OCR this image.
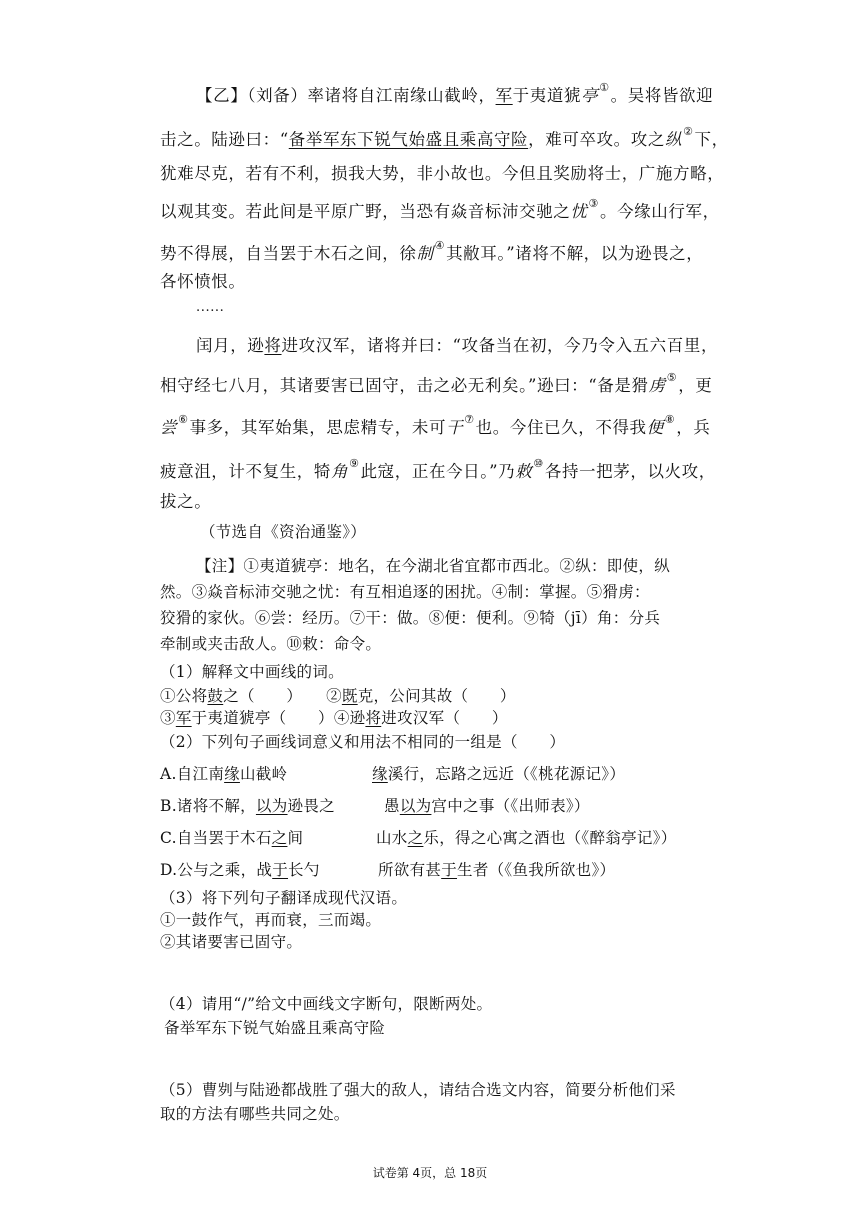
【乙】（刘备）率诸将自江南缘山截岭，军于夷道猇亭①。吴将皆欲迎
击之。陆逊曰：“备举军东下锐气始盛且乘高守险，难可卒攻。攻之纵②下，
犹难尽克，若有不利，损我大势，非小故也。今但且奖励将士，广施方略，
以观其变。若此间是平原广野，当恐有焱音标沛交驰之忧③。今缘山行军，
势不得展，自当罢于木石之间，徐制④其敝耳。”诸将不解，以为逊畏之，
各怀愤恨。
......
闰月，逊将进攻汉军，诸将并曰：“攻备当在初，今乃令入五六百里，
相守经七八月，其诸要害已固守，击之必无利矣。”逊曰：“备是猾虏⑤，更
尝⑥事多，其军始集，思虑精专，未可干⑦也。今住已久，不得我便⑧，兵
疲意沮，计不复生，犄角⑨此寇，正在今日。”乃敕⑩各持一把茅，以火攻，
拔之。
（节选自《资治通鉴》）
【注】①夷道猇亭：地名，在今湖北省宜都市西北。②纵：即使，纵
然。③焱音标沛交驰之忧：有互相追逐的困扰。④制：掌握。⑤猾虏：
狡猾的家伙。⑥尝：经历。⑦干：做。⑧便：便利。⑨犄（jī）角：分兵
牵制或夹击敌人。⑩敕：命令。
（1）解释文中画线的词。
①公将鼓之（　　）　　②既克，公问其故（　　）
③军于夷道猇亭（　　）④逊将进攻汉军（　　）
（2）下列句子画线词意义和用法不相同的一组是（　　）
A.自江南缘山截岭	缘溪行，忘路之远近（《桃花源记》）
B.诸将不解，以为逊畏之	愚以为宫中之事（《出师表》）
C.自当罢于木石之间	山水之乐，得之心寓之酒也（《醉翁亭记》）
D.公与之乘，战于长勺	所欲有甚于生者（《鱼我所欲也》）
（3）将下列句子翻译成现代汉语。
①一鼓作气，再而衰，三而竭。
②其诸要害已固守。
（4）请用“/”给文中画线文字断句，限断两处。
备举军东下锐气始盛且乘高守险
（5）曹刿与陆逊都战胜了强大的敌人，请结合选文内容，简要分析他们采
取的方法有哪些共同之处。
试卷第 4页，总 18页
